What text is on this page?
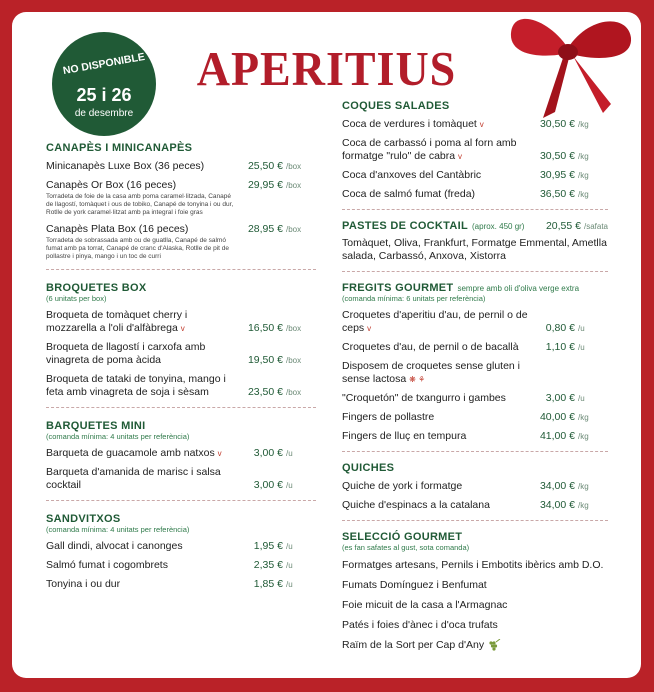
NO DISPONIBLE
25 i 26
de desembre
APERITIUS
CANAPÈS I MINICANAPÈS
Minicanapès Luxe Box (36 peces)	25,50 € /box
Canapès Or Box (16 peces)
Torradeta de foie de la casa amb poma caramel·litzada, Canapé de llagostí, tomàquet i ous de tobiko, Canapé de tonyina i ou dur, Rotlle de york caramel·litzat amb pa integral i foie gras
29,95 € /box
Canapès Plata Box (16 peces)
Torradeta de sobrassada amb ou de guatlla, Canapé de salmó fumat amb pa torrat, Canapé de cranc d'Alaska, Rotlle de pit de pollastre i pinya, mango i un toc de curri
28,95 € /box
BROQUETES BOX
(6 unitats per box)
Broqueta de tomàquet cherry i mozzarella a l'oli d'alfàbrega v	16,50 € /box
Broqueta de llagostí i carxofa amb vinagreta de poma àcida	19,50 € /box
Broqueta de tataki de tonyina, mango i feta amb vinagreta de soja i sèsam	23,50 € /box
BARQUETES MINI
(comanda mínima: 4 unitats per referència)
Barqueta de guacamole amb natxos v	3,00 € /u
Barqueta d'amanida de marisc i salsa cocktail	3,00 € /u
SANDVITXOS
(comanda mínima: 4 unitats per referència)
Gall dindi, alvocat i canonges	1,95 € /u
Salmó fumat i cogombrets	2,35 € /u
Tonyina i ou dur	1,85 € /u
COQUES SALADES
Coca de verdures i tomàquet v	30,50 € /kg
Coca de carbassó i poma al forn amb formatge "rulo" de cabra v	30,50 € /kg
Coca d'anxoves del Cantàbric	30,95 € /kg
Coca de salmó fumat (freda)	36,50 € /kg
PASTES DE COCKTAIL (aprox. 450 gr)	20,55 € /safata
Tomàquet, Oliva, Frankfurt, Formatge Emmental, Ametlla salada, Carbassó, Anxova, Xistorra
FREGITS GOURMET sempre amb oli d'oliva verge extra
(comanda mínima: 6 unitats per referència)
Croquetes d'aperitiu d'au, de pernil o de ceps v	0,80 € /u
Croquetes d'au, de pernil o de bacallà	1,10 € /u
Disposem de croquetes sense gluten i sense lactosa ❋ ⚘
"Croquetón" de txangurro i gambes	3,00 € /u
Fingers de pollastre	40,00 € /kg
Fingers de lluç en tempura	41,00 € /kg
QUICHES
Quiche de york i formatge	34,00 € /kg
Quiche d'espinacs a la catalana	34,00 € /kg
SELECCIÓ GOURMET
(es fan safates al gust, sota comanda)
Formatges artesans, Pernils i Embotits ibèrics amb D.O.
Fumats Domínguez i Benfumat
Foie micuit de la casa a l'Armagnac
Patés i foies d'ànec i d'oca trufats
Raïm de la Sort per Cap d'Any
